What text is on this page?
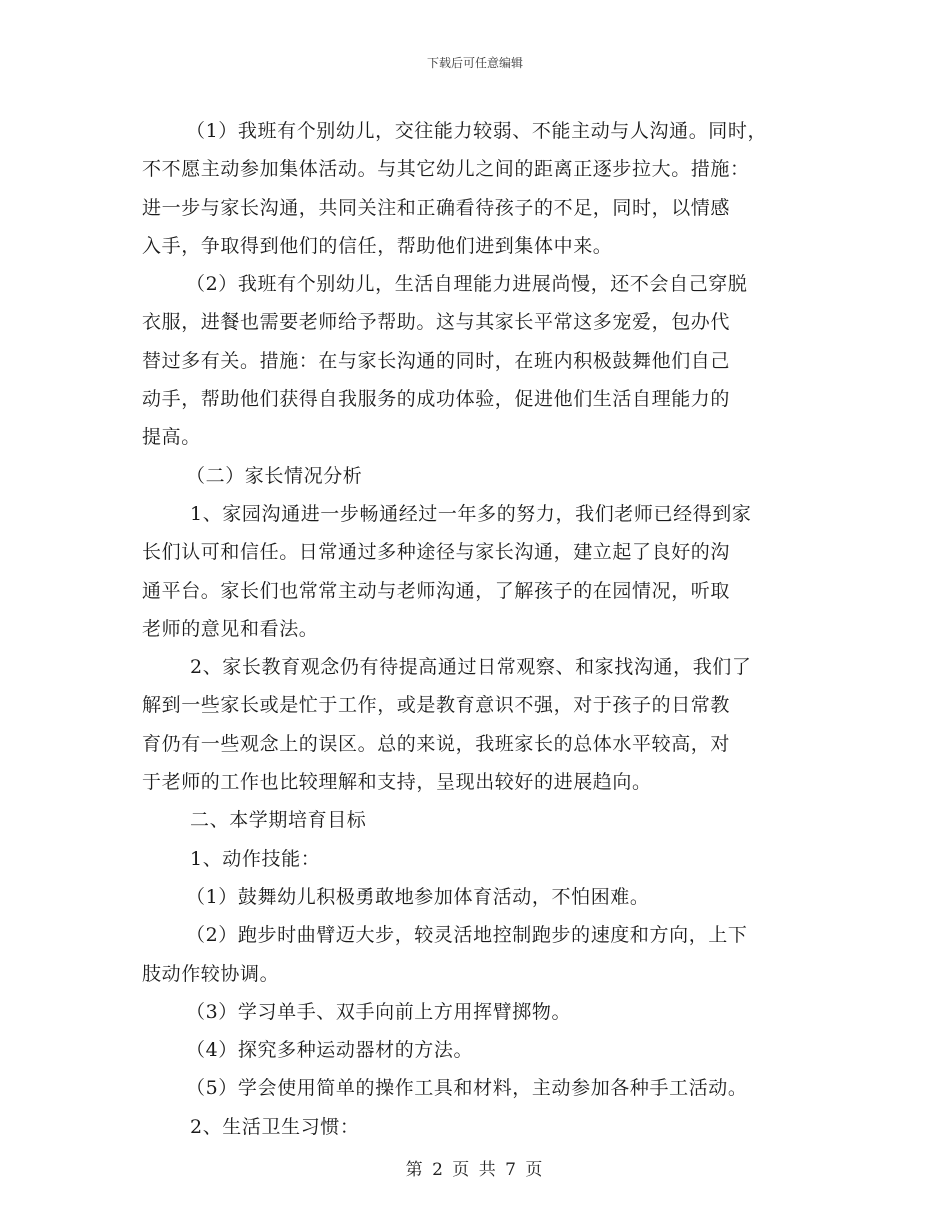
下载后可任意编辑
（1）我班有个别幼儿，交往能力较弱、不能主动与人沟通。同时，
不不愿主动参加集体活动。与其它幼儿之间的距离正逐步拉大。措施：
进一步与家长沟通，共同关注和正确看待孩子的不足，同时，以情感
入手，争取得到他们的信任，帮助他们进到集体中来。
（2）我班有个别幼儿，生活自理能力进展尚慢，还不会自己穿脱
衣服，进餐也需要老师给予帮助。这与其家长平常这多宠爱，包办代
替过多有关。措施：在与家长沟通的同时，在班内积极鼓舞他们自己
动手，帮助他们获得自我服务的成功体验，促进他们生活自理能力的
提高。
（二）家长情况分析
1、家园沟通进一步畅通经过一年多的努力，我们老师已经得到家
长们认可和信任。日常通过多种途径与家长沟通，建立起了良好的沟
通平台。家长们也常常主动与老师沟通，了解孩子的在园情况，听取
老师的意见和看法。
2、家长教育观念仍有待提高通过日常观察、和家找沟通，我们了
解到一些家长或是忙于工作，或是教育意识不强，对于孩子的日常教
育仍有一些观念上的误区。总的来说，我班家长的总体水平较高，对
于老师的工作也比较理解和支持，呈现出较好的进展趋向。
二、本学期培育目标
1、动作技能：
（1）鼓舞幼儿积极勇敢地参加体育活动，不怕困难。
（2）跑步时曲臂迈大步，较灵活地控制跑步的速度和方向，上下
肢动作较协调。
（3）学习单手、双手向前上方用挥臂掷物。
（4）探究多种运动器材的方法。
（5）学会使用简单的操作工具和材料，主动参加各种手工活动。
2、生活卫生习惯：
第 2 页 共 7 页
